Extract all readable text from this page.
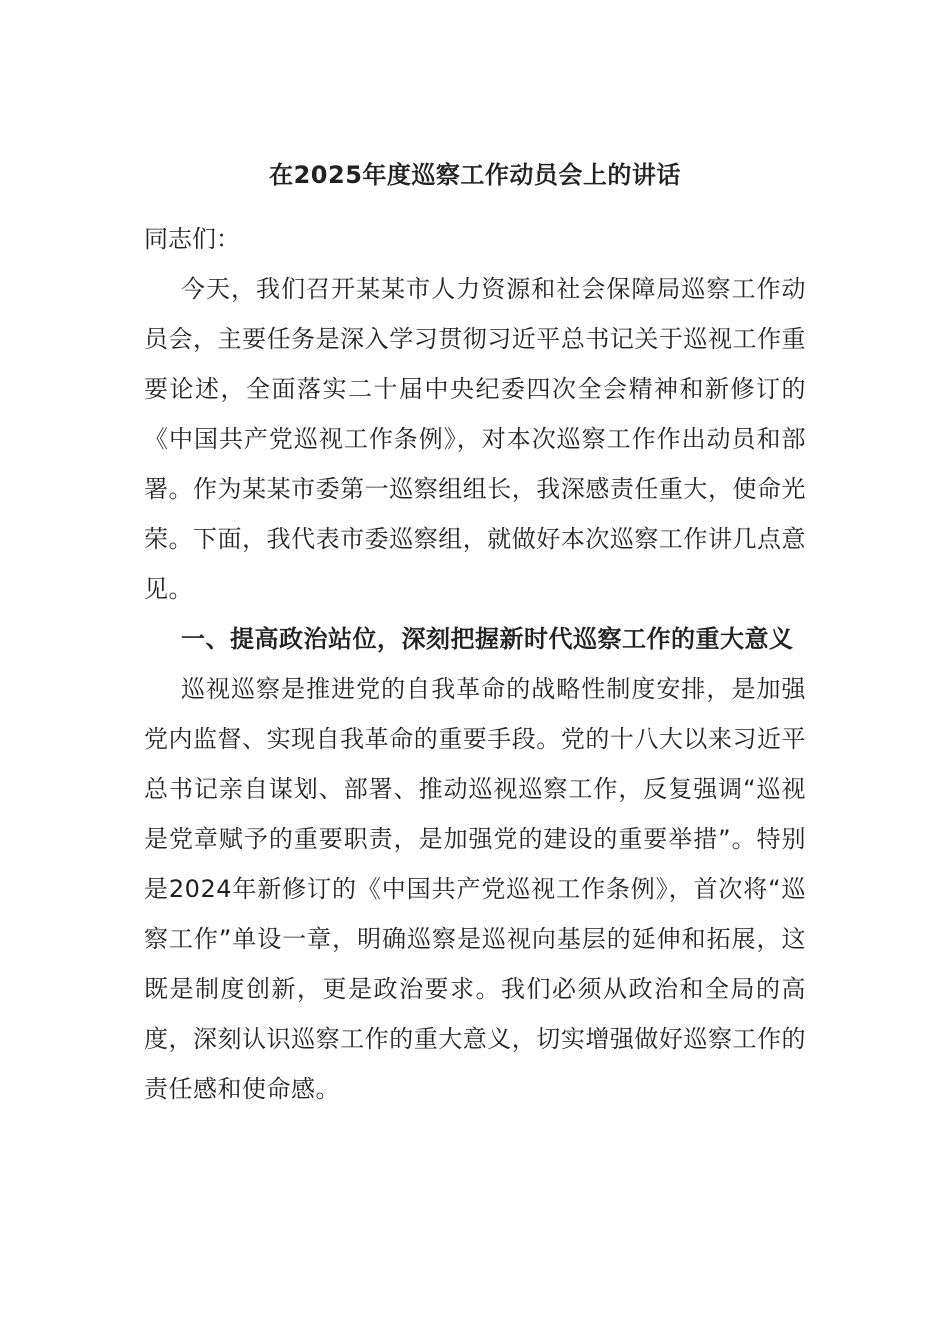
在2025年度巡察工作动员会上的讲话

同志们：

今天，我们召开某某市人力资源和社会保障局巡察工作动员会，主要任务是深入学习贯彻习近平总书记关于巡视工作重要论述，全面落实二十届中央纪委四次全会精神和新修订的《中国共产党巡视工作条例》，对本次巡察工作作出动员和部署。作为某某市委第一巡察组组长，我深感责任重大，使命光荣。下面，我代表市委巡察组，就做好本次巡察工作讲几点意见。

一、提高政治站位，深刻把握新时代巡察工作的重大意义

巡视巡察是推进党的自我革命的战略性制度安排，是加强党内监督、实现自我革命的重要手段。党的十八大以来习近平总书记亲自谋划、部署、推动巡视巡察工作，反复强调“巡视是党章赋予的重要职责，是加强党的建设的重要举措”。特别是2024年新修订的《中国共产党巡视工作条例》，首次将“巡察工作”单设一章，明确巡察是巡视向基层的延伸和拓展，这既是制度创新，更是政治要求。我们必须从政治和全局的高度，深刻认识巡察工作的重大意义，切实增强做好巡察工作的责任感和使命感。
